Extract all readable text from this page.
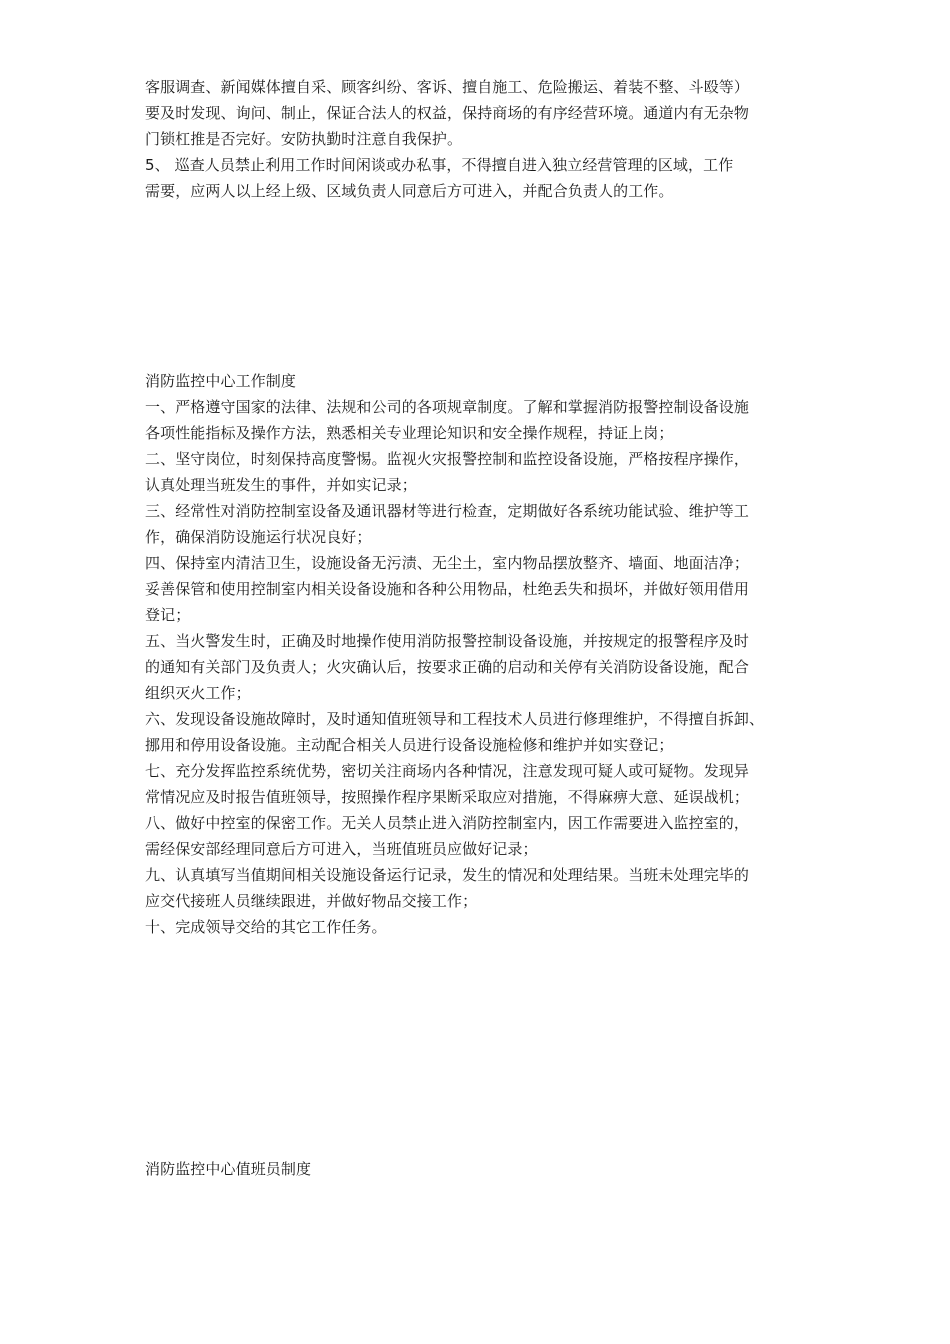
客服调查、新闻媒体擅自采、顾客纠纷、客诉、擅自施工、危险搬运、着装不整、斗殴等）
要及时发现、询问、制止，保证合法人的权益，保持商场的有序经营环境。通道内有无杂物
门锁杠推是否完好。安防执勤时注意自我保护。
5、 巡查人员禁止利用工作时间闲谈或办私事，不得擅自进入独立经营管理的区域，工作
需要，应两人以上经上级、区域负责人同意后方可进入，并配合负责人的工作。
消防监控中心工作制度
一、严格遵守国家的法律、法规和公司的各项规章制度。了解和掌握消防报警控制设备设施
各项性能指标及操作方法，熟悉相关专业理论知识和安全操作规程，持证上岗；
二、坚守岗位，时刻保持高度警惕。监视火灾报警控制和监控设备设施，严格按程序操作，
认真处理当班发生的事件，并如实记录；
三、经常性对消防控制室设备及通讯器材等进行检查，定期做好各系统功能试验、维护等工
作，确保消防设施运行状况良好；
四、保持室内清洁卫生，设施设备无污渍、无尘土，室内物品摆放整齐、墙面、地面洁净；
妥善保管和使用控制室内相关设备设施和各种公用物品，杜绝丢失和损坏，并做好领用借用
登记；
五、当火警发生时，正确及时地操作使用消防报警控制设备设施，并按规定的报警程序及时
的通知有关部门及负责人；火灾确认后，按要求正确的启动和关停有关消防设备设施，配合
组织灭火工作；
六、发现设备设施故障时，及时通知值班领导和工程技术人员进行修理维护，不得擅自拆卸、
挪用和停用设备设施。主动配合相关人员进行设备设施检修和维护并如实登记；
七、充分发挥监控系统优势，密切关注商场内各种情况，注意发现可疑人或可疑物。发现异
常情况应及时报告值班领导，按照操作程序果断采取应对措施，不得麻痹大意、延误战机；
八、做好中控室的保密工作。无关人员禁止进入消防控制室内，因工作需要进入监控室的，
需经保安部经理同意后方可进入，当班值班员应做好记录；
九、认真填写当值期间相关设施设备运行记录，发生的情况和处理结果。当班未处理完毕的
应交代接班人员继续跟进，并做好物品交接工作；
十、完成领导交给的其它工作任务。
消防监控中心值班员制度
